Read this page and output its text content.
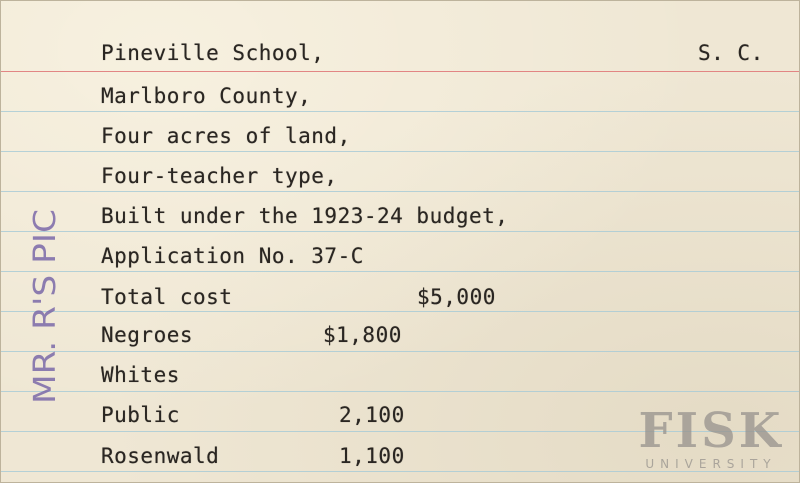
Pineville School,	S. C.
Marlboro County,
Four acres of land,
Four-teacher type,
Built under the 1923-24 budget,
Application No. 37-C
Total cost	$5,000
Negroes	$1,800
Whites
Public	2,100
Rosenwald	1,100
MR. R'S PIC
FISK
UNIVERSITY
